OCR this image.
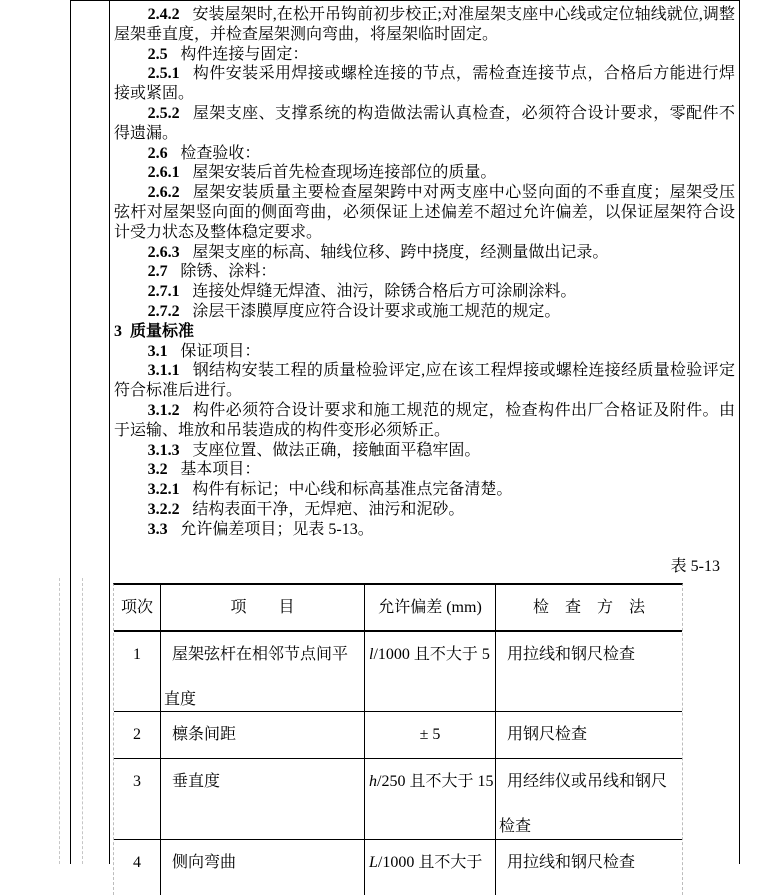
2.4.2 安装屋架时,在松开吊钩前初步校正;对准屋架支座中心线或定位轴线就位,调整屋架垂直度，并检查屋架测向弯曲，将屋架临时固定。

2.5 构件连接与固定：

2.5.1 构件安装采用焊接或螺栓连接的节点，需检查连接节点，合格后方能进行焊接或紧固。

2.5.2 屋架支座、支撑系统的构造做法需认真检查，必须符合设计要求，零配件不得遗漏。

2.6 检查验收：

2.6.1 屋架安装后首先检查现场连接部位的质量。

2.6.2 屋架安装质量主要检查屋架跨中对两支座中心竖向面的不垂直度；屋架受压弦杆对屋架竖向面的侧面弯曲，必须保证上述偏差不超过允许偏差，以保证屋架符合设计受力状态及整体稳定要求。

2.6.3 屋架支座的标高、轴线位移、跨中挠度，经测量做出记录。

2.7 除锈、涂料：

2.7.1 连接处焊缝无焊渣、油污，除锈合格后方可涂刷涂料。

2.7.2 涂层干漆膜厚度应符合设计要求或施工规范的规定。

3 质量标准

3.1 保证项目：

3.1.1 钢结构安装工程的质量检验评定,应在该工程焊接或螺栓连接经质量检验评定符合标准后进行。

3.1.2 构件必须符合设计要求和施工规范的规定，检查构件出厂合格证及附件。由于运输、堆放和吊装造成的构件变形必须矫正。

3.1.3 支座位置、做法正确，接触面平稳牢固。

3.2 基本项目：

3.2.1 构件有标记；中心线和标高基准点完备清楚。

3.2.2 结构表面干净，无焊疤、油污和泥砂。

3.3 允许偏差项目；见表 5-13。

表 5-13
项次	项　　目	允许偏差 (mm)	检　查　方　法

1	屋架弦杆在相邻节点间平直度	l/1000 且不大于 5	用拉线和钢尺检查

2	檩条间距	± 5	用钢尺检查

3	垂直度	h/250 且不大于 15	用经纬仪或吊线和钢尺检查

4	侧向弯曲	L/1000 且不大于	用拉线和钢尺检查
